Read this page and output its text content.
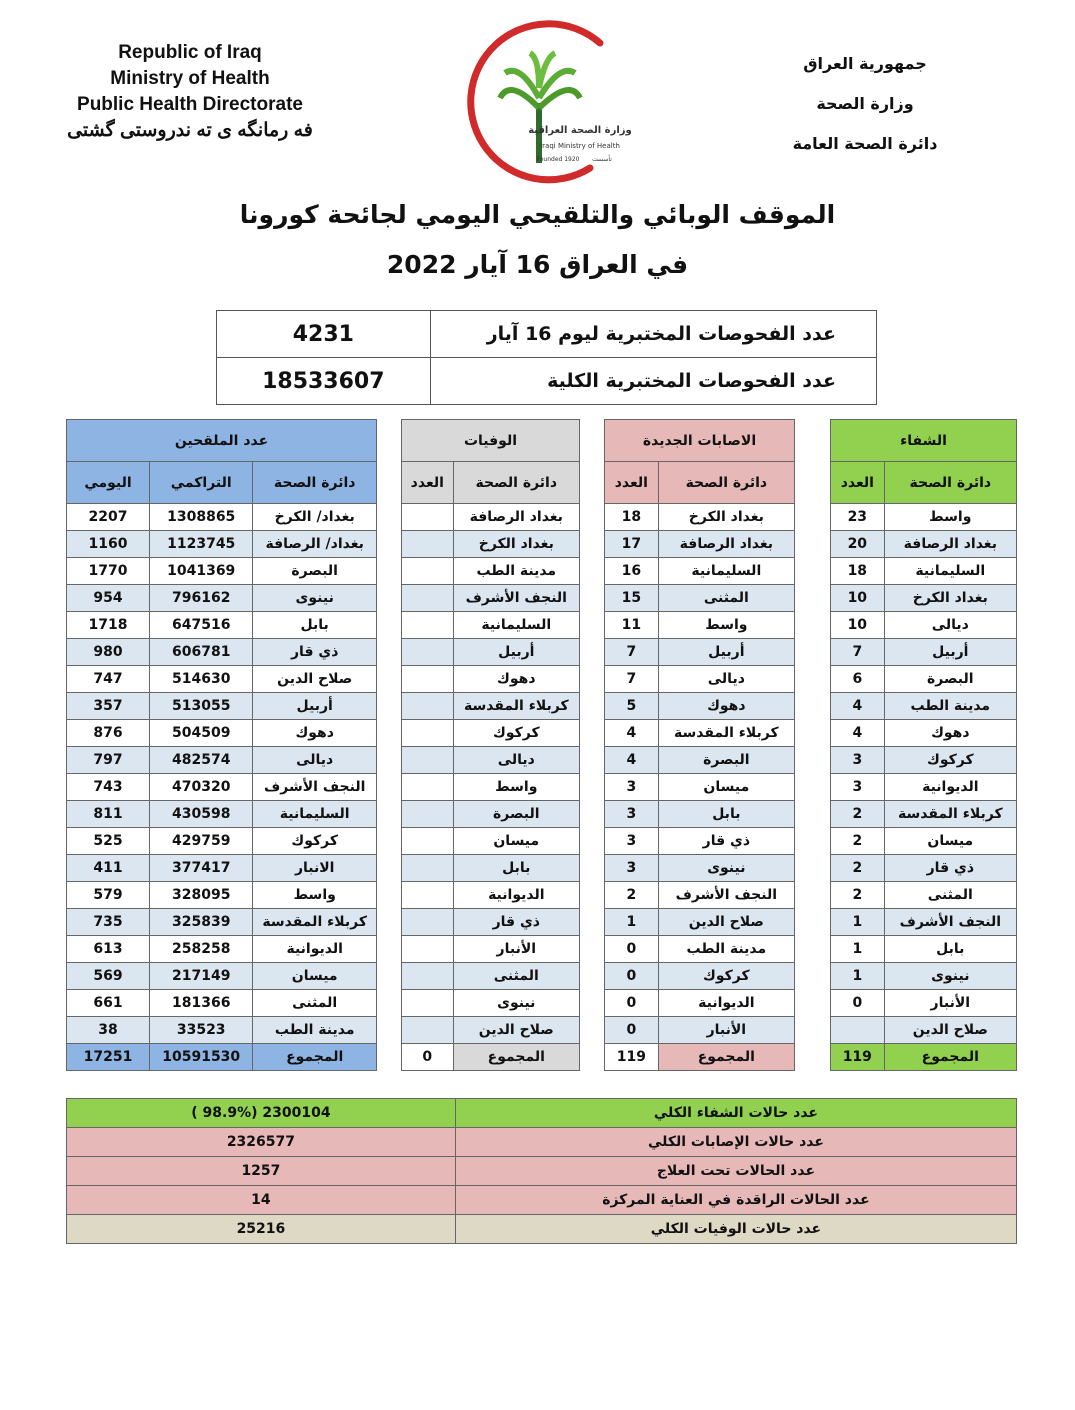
Republic of Iraq
Ministry of Health
Public Health Directorate
فه رمانگه ى ته ندروستى گشتى	وزارة الصحة العراقية
Iraqi Ministry of Health
Founded 1920 تأسست
جمهورية العراق
وزارة الصحة
دائرة الصحة العامة
الموقف الوبائي والتلقيحي اليومي لجائحة كورونا
في العراق 16 آيار 2022
عدد الفحوصات المختبرية ليوم 16 آيار	4231
عدد الفحوصات المختبرية الكلية	18533607
الشفاء	
دائرة الصحة	العدد
واسط	23
بغداد الرصافة	20
السليمانية	18
بغداد الكرخ	10
ديالى	10
أربيل	7
البصرة	6
مدينة الطب	4
دهوك	4
كركوك	3
الديوانية	3
كربلاء المقدسة	2
ميسان	2
ذي قار	2
المثنى	2
النجف الأشرف	1
بابل	1
نينوى	1
الأنبار	0
صلاح الدين	
المجموع	119
الاصابات الجديدة	
دائرة الصحة	العدد
بغداد الكرخ	18
بغداد الرصافة	17
السليمانية	16
المثنى	15
واسط	11
أربيل	7
ديالى	7
دهوك	5
كربلاء المقدسة	4
البصرة	4
ميسان	3
بابل	3
ذي قار	3
نينوى	3
النجف الأشرف	2
صلاح الدين	1
مدينة الطب	0
كركوك	0
الديوانية	0
الأنبار	0
المجموع	119
الوفيات	
دائرة الصحة	العدد
بغداد الرصافة	
بغداد الكرخ	
مدينة الطب	
النجف الأشرف	
السليمانية	
أربيل	
دهوك	
كربلاء المقدسة	
كركوك	
ديالى	
واسط	
البصرة	
ميسان	
بابل	
الديوانية	
ذي قار	
الأنبار	
المثنى	
نينوى	
صلاح الدين	
المجموع	0
عدد الملقحين		
دائرة الصحة	التراكمي	اليومي
بغداد/ الكرخ	1308865	2207
بغداد/ الرصافة	1123745	1160
البصرة	1041369	1770
نينوى	796162	954
بابل	647516	1718
ذي قار	606781	980
صلاح الدين	514630	747
أربيل	513055	357
دهوك	504509	876
ديالى	482574	797
النجف الأشرف	470320	743
السليمانية	430598	811
كركوك	429759	525
الانبار	377417	411
واسط	328095	579
كربلاء المقدسة	325839	735
الديوانية	258258	613
ميسان	217149	569
المثنى	181366	661
مدينة الطب	33523	38
المجموع	10591530	17251
عدد حالات الشفاء الكلي	2300104 (98.9% )
عدد حالات الإصابات الكلي	2326577
عدد الحالات تحت العلاج	1257
عدد الحالات الراقدة في العناية المركزة	14
عدد حالات الوفيات الكلي	25216
